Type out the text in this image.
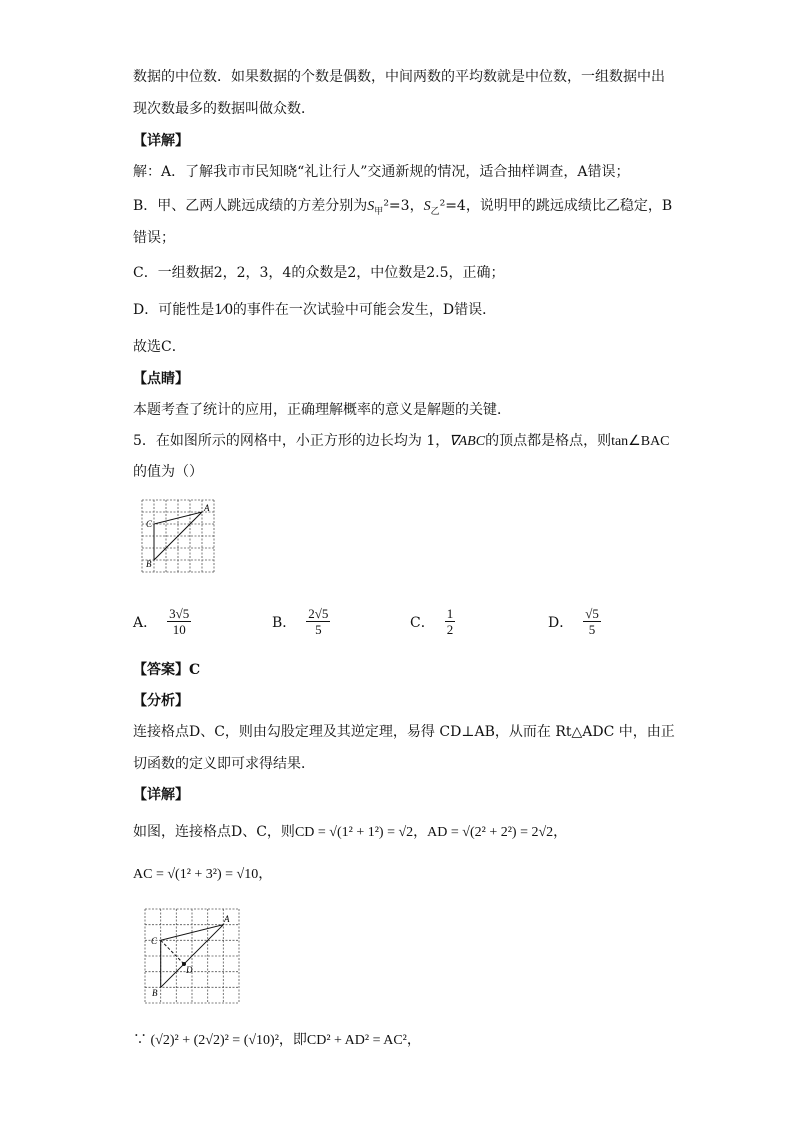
数据的中位数．如果数据的个数是偶数，中间两数的平均数就是中位数，一组数据中出
现次数最多的数据叫做众数．
【详解】
解：A．了解我市市民知晓“礼让行人”交通新规的情况，适合抽样调查，A错误；
B．甲、乙两人跳远成绩的方差分别为$S_甲^2=3$，$S_乙^2=4$，说明甲的跳远成绩比乙稳定，B
错误；
C．一组数据2，2，3，4的众数是2，中位数是2.5，正确；
D．可能性是1⁄0的事件在一次试验中可能会发生，D错误．
故选C．
【点睛】
本题考查了统计的应用，正确理解概率的意义是解题的关键．
5．在如图所示的网格中，小正方形的边长均为 1，∇ABC的顶点都是格点，则tan∠BAC
的值为（）
A
C
B
A． $\frac{3√5}{10}$	B． $\frac{2√5}{5}$	C． $\frac{1}{2}$	D． $\frac{√5}{5}$
【答案】C
【分析】
连接格点D、C，则由勾股定理及其逆定理，易得 CD⊥AB，从而在 Rt△ADC 中，由正
切函数的定义即可求得结果．
【详解】
如图，连接格点D、C，则CD = √(1² + 1²) = √2，AD = √(2² + 2²) = 2√2，
AC = √(1² + 3²) = √10，
A
C
D
B
∵ (√2)² + (2√2)² = (√10)²，即CD² + AD² = AC²，
